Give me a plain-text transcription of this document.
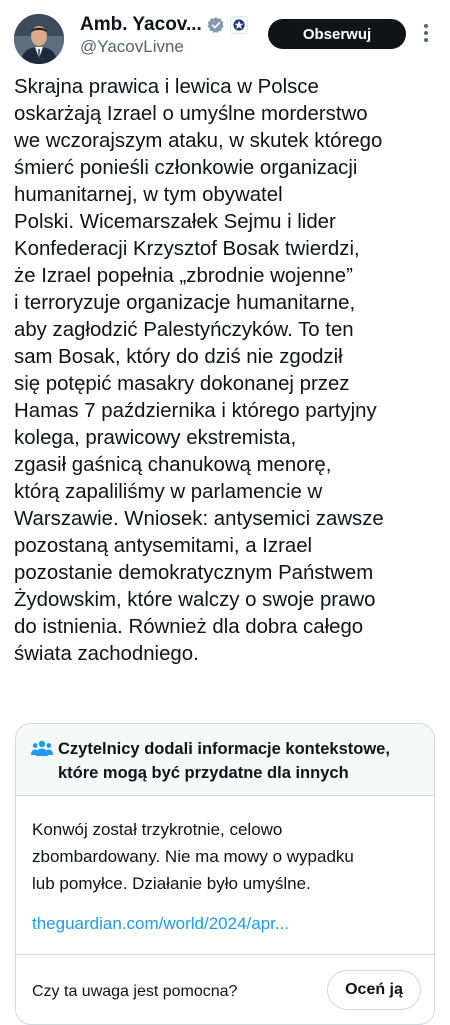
Amb. Yacov...
@YacovLivne
Obserwuj
Skrajna prawica i lewica w Polsce
oskarżają Izrael o umyślne morderstwo
we wczorajszym ataku, w skutek którego
śmierć ponieśli członkowie organizacji
humanitarnej, w tym obywatel
Polski. Wicemarszałek Sejmu i lider
Konfederacji Krzysztof Bosak twierdzi,
że Izrael popełnia „zbrodnie wojenne”
i terroryzuje organizacje humanitarne,
aby zagłodzić Palestyńczyków. To ten
sam Bosak, który do dziś nie zgodził
się potępić masakry dokonanej przez
Hamas 7 października i którego partyjny
kolega, prawicowy ekstremista,
zgasił gaśnicą chanukową menorę,
którą zapaliliśmy w parlamencie w
Warszawie. Wniosek: antysemici zawsze
pozostaną antysemitami, a Izrael
pozostanie demokratycznym Państwem
Żydowskim, które walczy o swoje prawo
do istnienia. Również dla dobra całego
świata zachodniego.
Czytelnicy dodali informacje kontekstowe,
które mogą być przydatne dla innych
Konwój został trzykrotnie, celowo
zbombardowany. Nie ma mowy o wypadku
lub pomyłce. Działanie było umyślne.
theguardian.com/world/2024/apr...
Czy ta uwaga jest pomocna?	Oceń ją
